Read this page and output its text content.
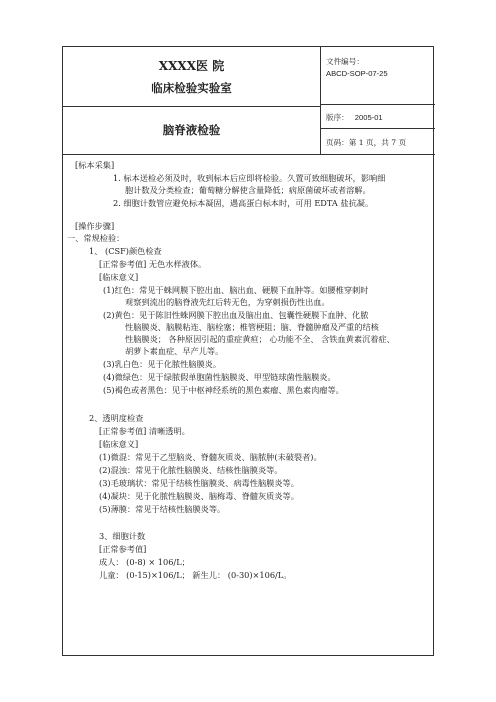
XXXX医 院
临床检验实验室
脑脊液检验
文件编号：
ABCD-SOP-07-25
版序： 2005-01
页码：第 1 页，共 7 页
[标本采集]
1. 标本送检必须及时，收到标本后应即将检验。久置可致细胞破坏，影响细
胞计数及分类检查；葡萄糖分解使含量降低；病原菌破坏或者溶解。
2. 细胞计数管应避免标本凝固，遇高蛋白标本时，可用 EDTA 盐抗凝。
[操作步骤]
一、常规检验：
1、 (CSF)颜色检查
[正常参考值] 无色水样液体。
[临床意义]
(1)红色：常见于蛛网膜下腔出血、脑出血、硬膜下血肿等。如腰椎穿刺时
观察到流出的脑脊液先红后转无色，为穿刺损伤性出血。
(2)黄色：见于陈旧性蛛网膜下腔出血及脑出血、包囊性硬膜下血肿、化脓
性脑膜炎、脑膜粘连、脑栓塞；椎管梗阻；脑、脊髓肿瘤及严重的结核
性脑膜炎； 各种原因引起的重症黄疸； 心功能不全、 含铁血黄素沉着症、
胡萝卜素血症、早产儿等。
(3)乳白色：见于化脓性脑膜炎。
(4)微绿色：见于绿脓假单胞菌性脑膜炎、甲型链球菌性脑膜炎。
(5)褐色或者黑色：见于中枢神经系统的黑色素瘤、黑色素肉瘤等。
2、透明度检查
[正常参考值] 清晰透明。
[临床意义]
(1)微混：常见于乙型脑炎、脊髓灰质炎、脑脓肿(未破裂者)。
(2)混浊：常见于化脓性脑膜炎、结核性脑膜炎等。
(3)毛玻璃状：常见于结核性脑膜炎、病毒性脑膜炎等。
(4)凝块：见于化脓性脑膜炎、脑梅毒、脊髓灰质炎等。
(5)薄膜：常见于结核性脑膜炎等。
3、细胞计数
[正常参考值]
成人： (0-8) × 106/L；
儿童： (0-15)×106/L； 新生儿： (0-30)×106/L。
